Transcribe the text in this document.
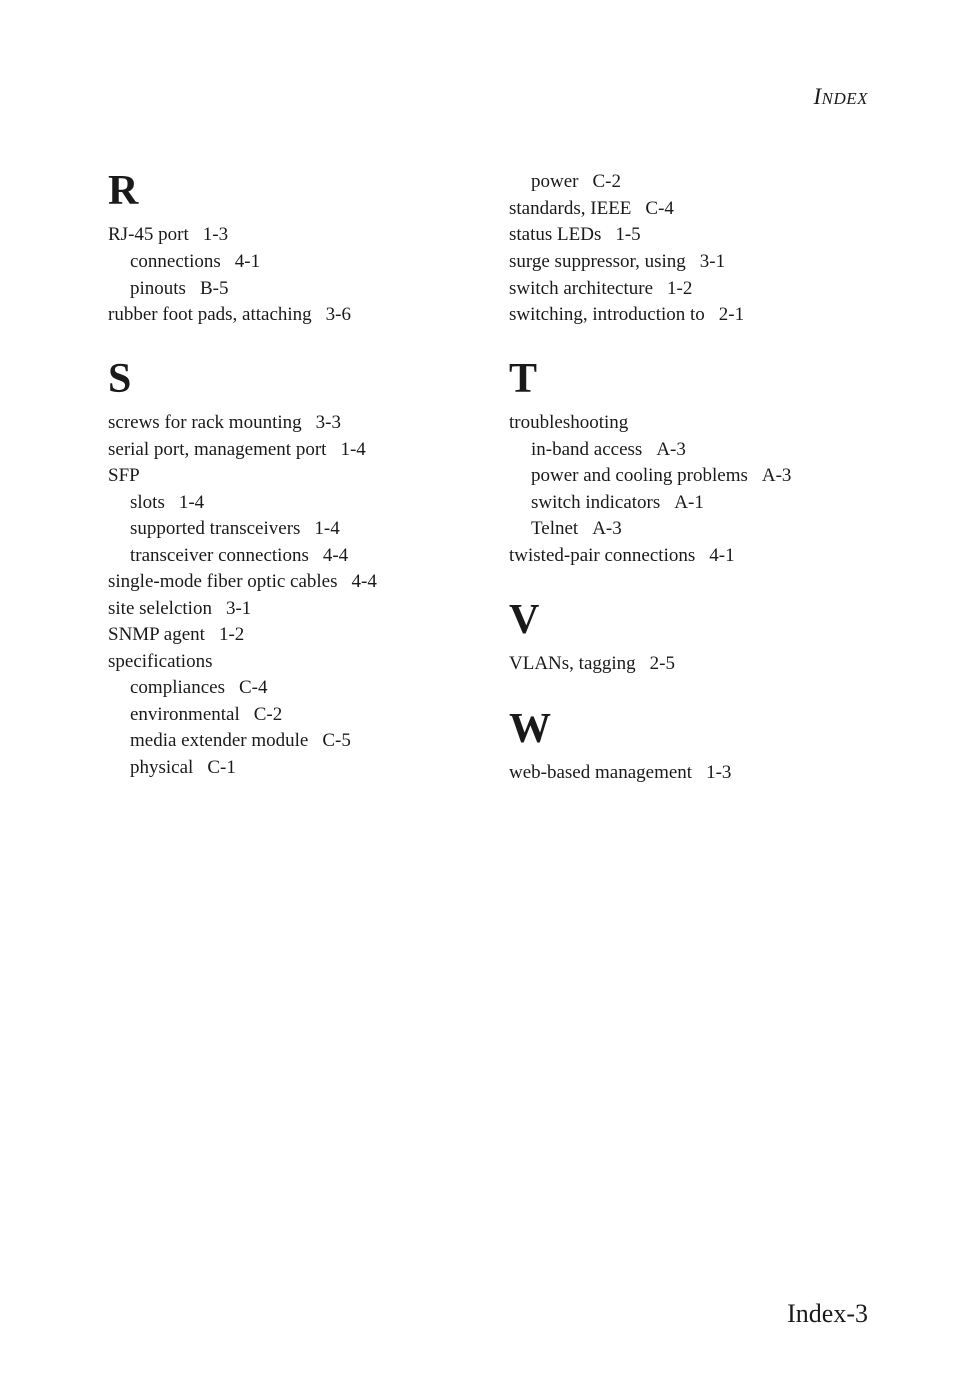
INDEX
R
RJ-45 port 1-3
connections 4-1
pinouts B-5
rubber foot pads, attaching 3-6
S
screws for rack mounting 3-3
serial port, management port 1-4
SFP
slots 1-4
supported transceivers 1-4
transceiver connections 4-4
single-mode fiber optic cables 4-4
site selelction 3-1
SNMP agent 1-2
specifications
compliances C-4
environmental C-2
media extender module C-5
physical C-1
power C-2
standards, IEEE C-4
status LEDs 1-5
surge suppressor, using 3-1
switch architecture 1-2
switching, introduction to 2-1
T
troubleshooting
in-band access A-3
power and cooling problems A-3
switch indicators A-1
Telnet A-3
twisted-pair connections 4-1
V
VLANs, tagging 2-5
W
web-based management 1-3
Index-3
